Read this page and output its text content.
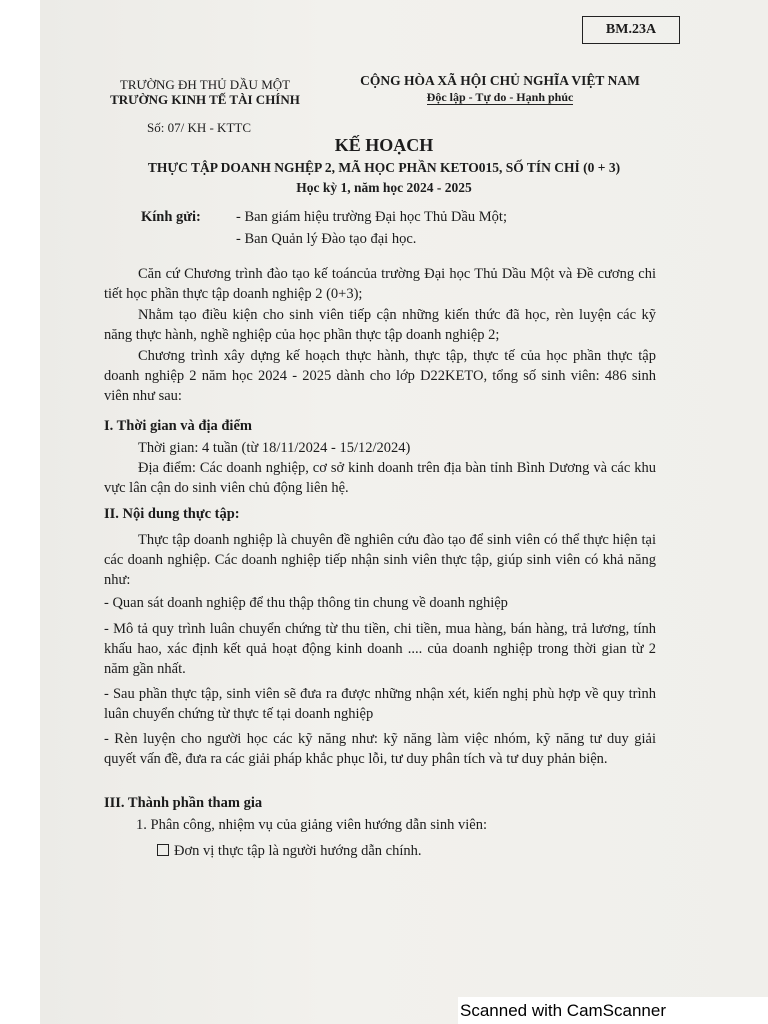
BM.23A
TRƯỜNG ĐH THỦ DẦU MỘT
TRƯỜNG KINH TẾ TÀI CHÍNH
CỘNG HÒA XÃ HỘI CHỦ NGHĨA VIỆT NAM
Độc lập - Tự do - Hạnh phúc
Số: 07/ KH - KTTC
KẾ HOẠCH
THỰC TẬP DOANH NGHỆP 2, MÃ HỌC PHẦN KETO015, SỐ TÍN CHỈ (0 + 3)
Học kỳ 1, năm học 2024 - 2025
Kính gửi: - Ban giám hiệu trường Đại học Thủ Dầu Một;
- Ban Quản lý Đào tạo đại học.

Căn cứ Chương trình đào tạo kế toáncủa trường Đại học Thủ Dầu Một và Đề cương chi tiết học phần thực tập doanh nghiệp 2 (0+3);

Nhằm tạo điều kiện cho sinh viên tiếp cận những kiến thức đã học, rèn luyện các kỹ năng thực hành, nghề nghiệp của học phần thực tập doanh nghiệp 2;

Chương trình xây dựng kế hoạch thực hành, thực tập, thực tế của học phần thực tập doanh nghiệp 2 năm học 2024 - 2025 dành cho lớp D22KETO, tổng số sinh viên: 486 sinh viên như sau:

I. Thời gian và địa điểm

Thời gian: 4 tuần (từ 18/11/2024 - 15/12/2024)

Địa điểm: Các doanh nghiệp, cơ sở kinh doanh trên địa bàn tỉnh Bình Dương và các khu vực lân cận do sinh viên chủ động liên hệ.

II. Nội dung thực tập:

Thực tập doanh nghiệp là chuyên đề nghiên cứu đào tạo để sinh viên có thể thực hiện tại các doanh nghiệp. Các doanh nghiệp tiếp nhận sinh viên thực tập, giúp sinh viên có khả năng như:

- Quan sát doanh nghiệp để thu thập thông tin chung về doanh nghiệp

- Mô tả quy trình luân chuyển chứng từ thu tiền, chi tiền, mua hàng, bán hàng, trả lương, tính khấu hao, xác định kết quả hoạt động kinh doanh .... của doanh nghiệp trong thời gian từ 2 năm gần nhất.

- Sau phần thực tập, sinh viên sẽ đưa ra được những nhận xét, kiến nghị phù hợp về quy trình luân chuyển chứng từ thực tế tại doanh nghiệp

- Rèn luyện cho người học các kỹ năng như: kỹ năng làm việc nhóm, kỹ năng tư duy giải quyết vấn đề, đưa ra các giải pháp khắc phục lỗi, tư duy phân tích và tư duy phản biện.

III. Thành phần tham gia
1. Phân công, nhiệm vụ của giảng viên hướng dẫn sinh viên:
Đơn vị thực tập là người hướng dẫn chính.
Scanned with CamScanner
